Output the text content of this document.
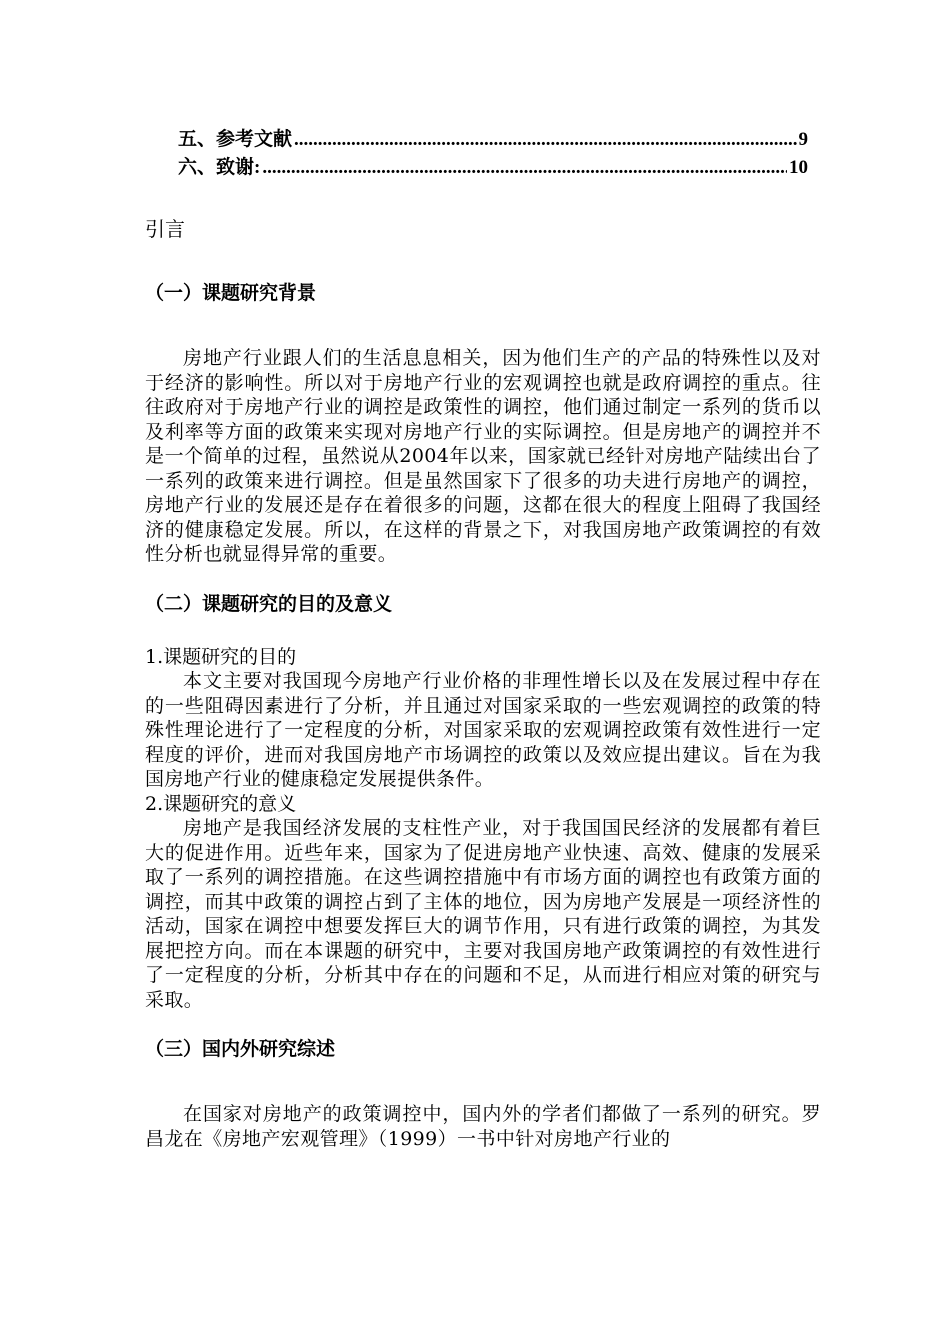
五、参考文献 .....	9
六、致谢: .....	10
引言
（一）课题研究背景

房地产行业跟人们的生活息息相关，因为他们生产的产品的特殊性以及对于经济的影响性。所以对于房地产行业的宏观调控也就是政府调控的重点。往往政府对于房地产行业的调控是政策性的调控，他们通过制定一系列的货币以及利率等方面的政策来实现对房地产行业的实际调控。但是房地产的调控并不是一个简单的过程，虽然说从2004年以来，国家就已经针对房地产陆续出台了一系列的政策来进行调控。但是虽然国家下了很多的功夫进行房地产的调控，房地产行业的发展还是存在着很多的问题，这都在很大的程度上阻碍了我国经济的健康稳定发展。所以，在这样的背景之下，对我国房地产政策调控的有效性分析也就显得异常的重要。

（二）课题研究的目的及意义

1.课题研究的目的

本文主要对我国现今房地产行业价格的非理性增长以及在发展过程中存在的一些阻碍因素进行了分析，并且通过对国家采取的一些宏观调控的政策的特殊性理论进行了一定程度的分析，对国家采取的宏观调控政策有效性进行一定程度的评价，进而对我国房地产市场调控的政策以及效应提出建议。旨在为我国房地产行业的健康稳定发展提供条件。

2.课题研究的意义

房地产是我国经济发展的支柱性产业，对于我国国民经济的发展都有着巨大的促进作用。近些年来，国家为了促进房地产业快速、高效、健康的发展采取了一系列的调控措施。在这些调控措施中有市场方面的调控也有政策方面的调控，而其中政策的调控占到了主体的地位，因为房地产发展是一项经济性的活动，国家在调控中想要发挥巨大的调节作用，只有进行政策的调控，为其发展把控方向。而在本课题的研究中，主要对我国房地产政策调控的有效性进行了一定程度的分析，分析其中存在的问题和不足，从而进行相应对策的研究与采取。

（三）国内外研究综述

在国家对房地产的政策调控中，国内外的学者们都做了一系列的研究。罗昌龙在《房地产宏观管理》（1999）一书中针对房地产行业的
